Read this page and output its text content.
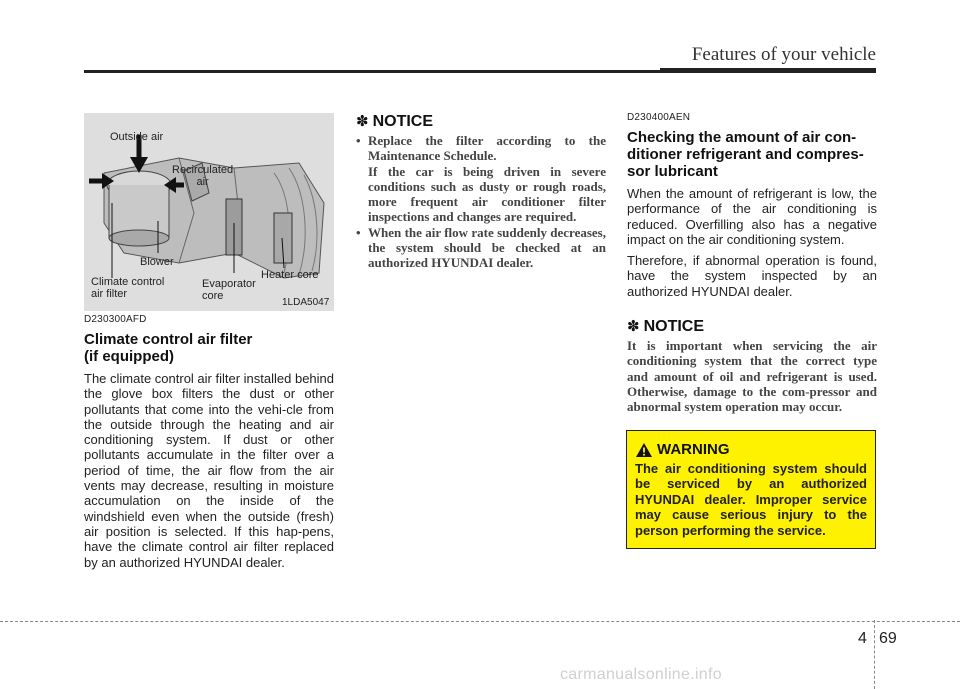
Features of your vehicle
Outside air
Recirculated
air
Blower
Climate control
air filter
Evaporator
core
Heater core
1LDA5047
D230300AFD
Climate control air filter
(if equipped)
The climate control air filter installed behind the glove box filters the dust or other pollutants that come into the vehi-cle from the outside through the heating and air conditioning system. If dust or other pollutants accumulate in the filter over a period of time, the air flow from the air vents may decrease, resulting in moisture accumulation on the inside of the windshield even when the outside (fresh) air position is selected. If this hap-pens, have the climate control air filter replaced by an authorized HYUNDAI dealer.
✽ NOTICE
• Replace the filter according to the Maintenance Schedule.
If the car is being driven in severe conditions such as dusty or rough roads, more frequent air conditioner filter inspections and changes are required.
• When the air flow rate suddenly decreases, the system should be checked at an authorized HYUNDAI dealer.
D230400AEN
Checking the amount of air con-ditioner refrigerant and compres-sor lubricant
When the amount of refrigerant is low, the performance of the air conditioning is reduced. Overfilling also has a negative impact on the air conditioning system.
Therefore, if abnormal operation is found, have the system inspected by an authorized HYUNDAI dealer.
✽ NOTICE
It is important when servicing the air conditioning system that the correct type and amount of oil and refrigerant is used. Otherwise, damage to the com-pressor and abnormal system operation may occur.
WARNING
The air conditioning system should be serviced by an authorized HYUNDAI dealer. Improper service may cause serious injury to the person performing the service.
4 69
carmanualsonline.info
